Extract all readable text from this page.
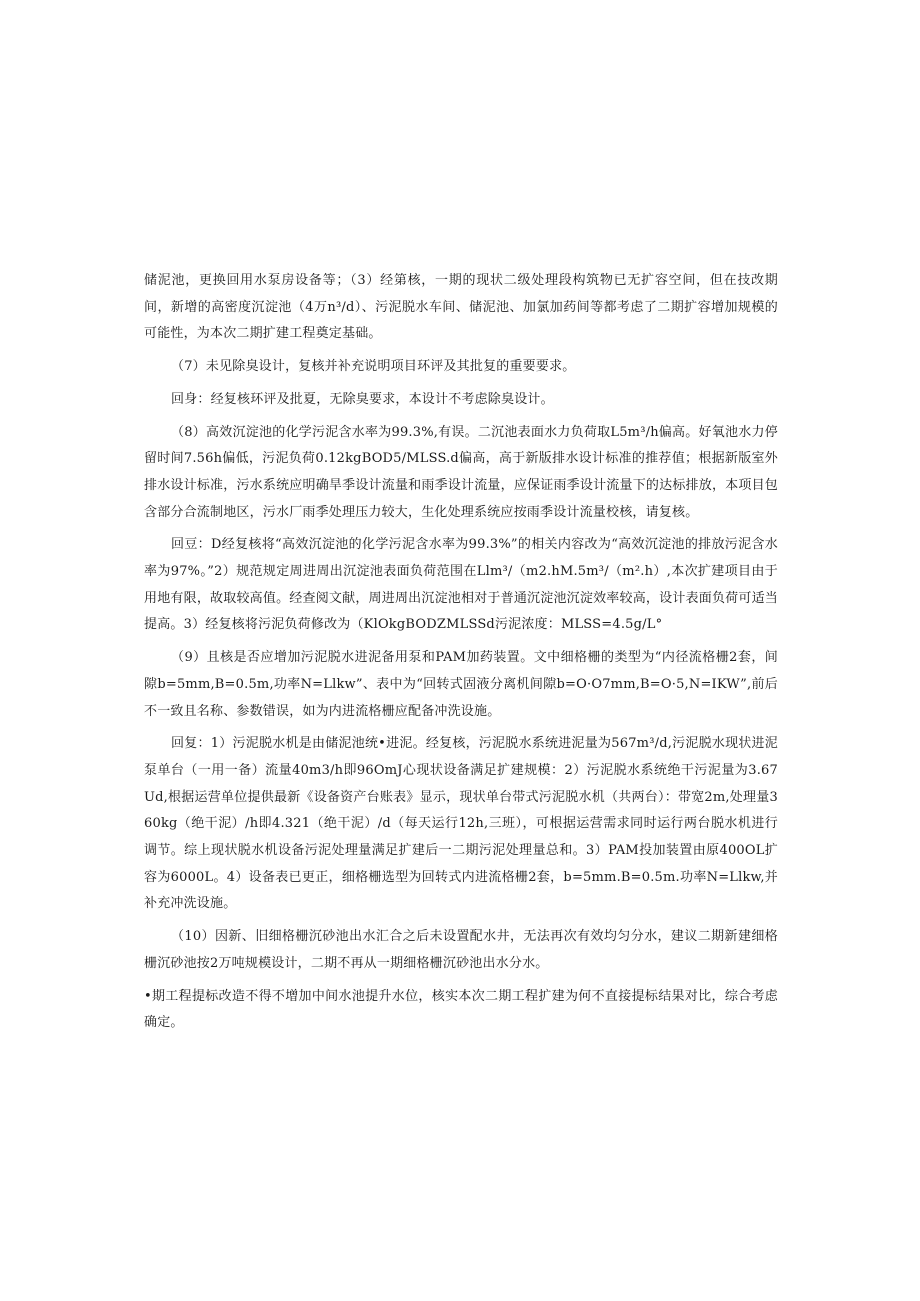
储泥池，更换回用水泵房设备等；（3）经第核，一期的现状二级处理段构筑物已无扩容空间，但在技改期间，新增的高密度沉淀池（4万n³/d）、污泥脱水车间、储泥池、加氯加药间等都考虑了二期扩容增加规模的可能性，为本次二期扩建工程奠定基础。

（7）未见除臭设计，复核并补充说明项目环评及其批复的重要要求。

回身：经复核环评及批夏，无除臭要求，本设计不考虑除臭设计。

（8）高效沉淀池的化学污泥含水率为99.3%,有误。二沉池表面水力负荷取L5m³/h偏高。好氧池水力停留时间7.56h偏低，污泥负荷0.12kgBOD5/MLSS.d偏高，高于新版排水设计标准的推荐值；根据新版室外排水设计标准，污水系统应明确旱季设计流量和雨季设计流量，应保证雨季设计流量下的达标排放，本项目包含部分合流制地区，污水厂雨季处理压力较大，生化处理系统应按雨季设计流量校核，请复核。

回豆：D经复核将“高效沉淀池的化学污泥含水率为99.3%”的相关内容改为“高效沉淀池的排放污泥含水率为97%。”2）规范规定周进周出沉淀池表面负荷范围在Llm³/（m2.hM.5m³/（m².h）,本次扩建项目由于用地有限，故取较高值。经查阅文献，周进周出沉淀池相对于普通沉淀池沉淀效率较高，设计表面负荷可适当提高。3）经复核将污泥负荷修改为（KlOkgBODZMLSSd污泥浓度：MLSS=4.5g/L°

（9）且核是否应增加污泥脱水进泥备用泵和PAM加药装置。文中细格栅的类型为“内径流格栅2套，间隙b=5mm,B=0.5m,功率N=Llkw”、表中为“回转式固液分离机间隙b=O·O7mm,B=O·5,N=IKW”,前后不一致且名称、参数错误，如为内进流格栅应配备冲洗设施。

回复：1）污泥脱水机是由储泥池统•进泥。经复核，污泥脱水系统进泥量为567m³/d,污泥脱水现状进泥泵单台（一用一备）流量40m3/h即96OmJ心现状设备满足扩建规模：2）污泥脱水系统绝干污泥量为3.67Ud,根据运营单位提供最新《设备资产台账表》显示，现状单台带式污泥脱水机（共两台）：带宽2m,处理量360kg（绝干泥）/h即4.321（绝干泥）/d（每天运行12h,三班），可根据运营需求同时运行两台脱水机进行调节。综上现状脱水机设备污泥处理量满足扩建后一二期污泥处理量总和。3）PAM投加装置由原400OL扩容为6000L。4）设备表已更正，细格栅选型为回转式内进流格栅2套，b=5mm.B=0.5m.功率N=Llkw,并补充冲洗设施。

（10）因新、旧细格栅沉砂池出水汇合之后未设置配水井，无法再次有效均匀分水，建议二期新建细格栅沉砂池按2万吨规模设计，二期不再从一期细格栅沉砂池出水分水。

•期工程提标改造不得不增加中间水池提升水位，核实本次二期工程扩建为何不直接提标结果对比，综合考虑确定。
